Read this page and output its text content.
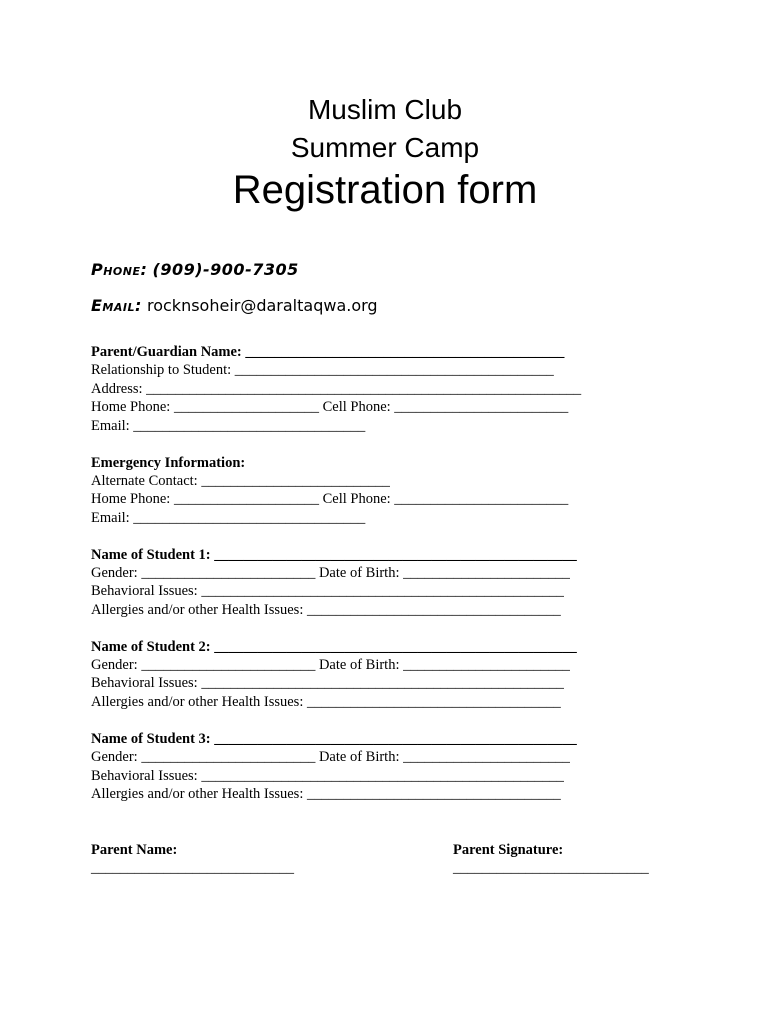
Muslim Club
Summer Camp
Registration form
Phone: (909)-900-7305
Email: rocknsoheir@daraltaqwa.org
Parent/Guardian Name: ____________________________________________
Relationship to Student: ____________________________________________
Address: ____________________________________________________________
Home Phone: ____________________ Cell Phone: ________________________
Email: ________________________________
Emergency Information:
Alternate Contact: __________________________
Home Phone: ____________________ Cell Phone: ________________________
Email: ________________________________
Name of Student 1: __________________________________________________
Gender: ________________________ Date of Birth: _______________________
Behavioral Issues: __________________________________________________
Allergies and/or other Health Issues: ___________________________________
Name of Student 2: __________________________________________________
Gender: ________________________ Date of Birth: _______________________
Behavioral Issues: __________________________________________________
Allergies and/or other Health Issues: ___________________________________
Name of Student 3: __________________________________________________
Gender: ________________________ Date of Birth: _______________________
Behavioral Issues: __________________________________________________
Allergies and/or other Health Issues: ___________________________________
Parent Name:
____________________________
Parent Signature:
___________________________
